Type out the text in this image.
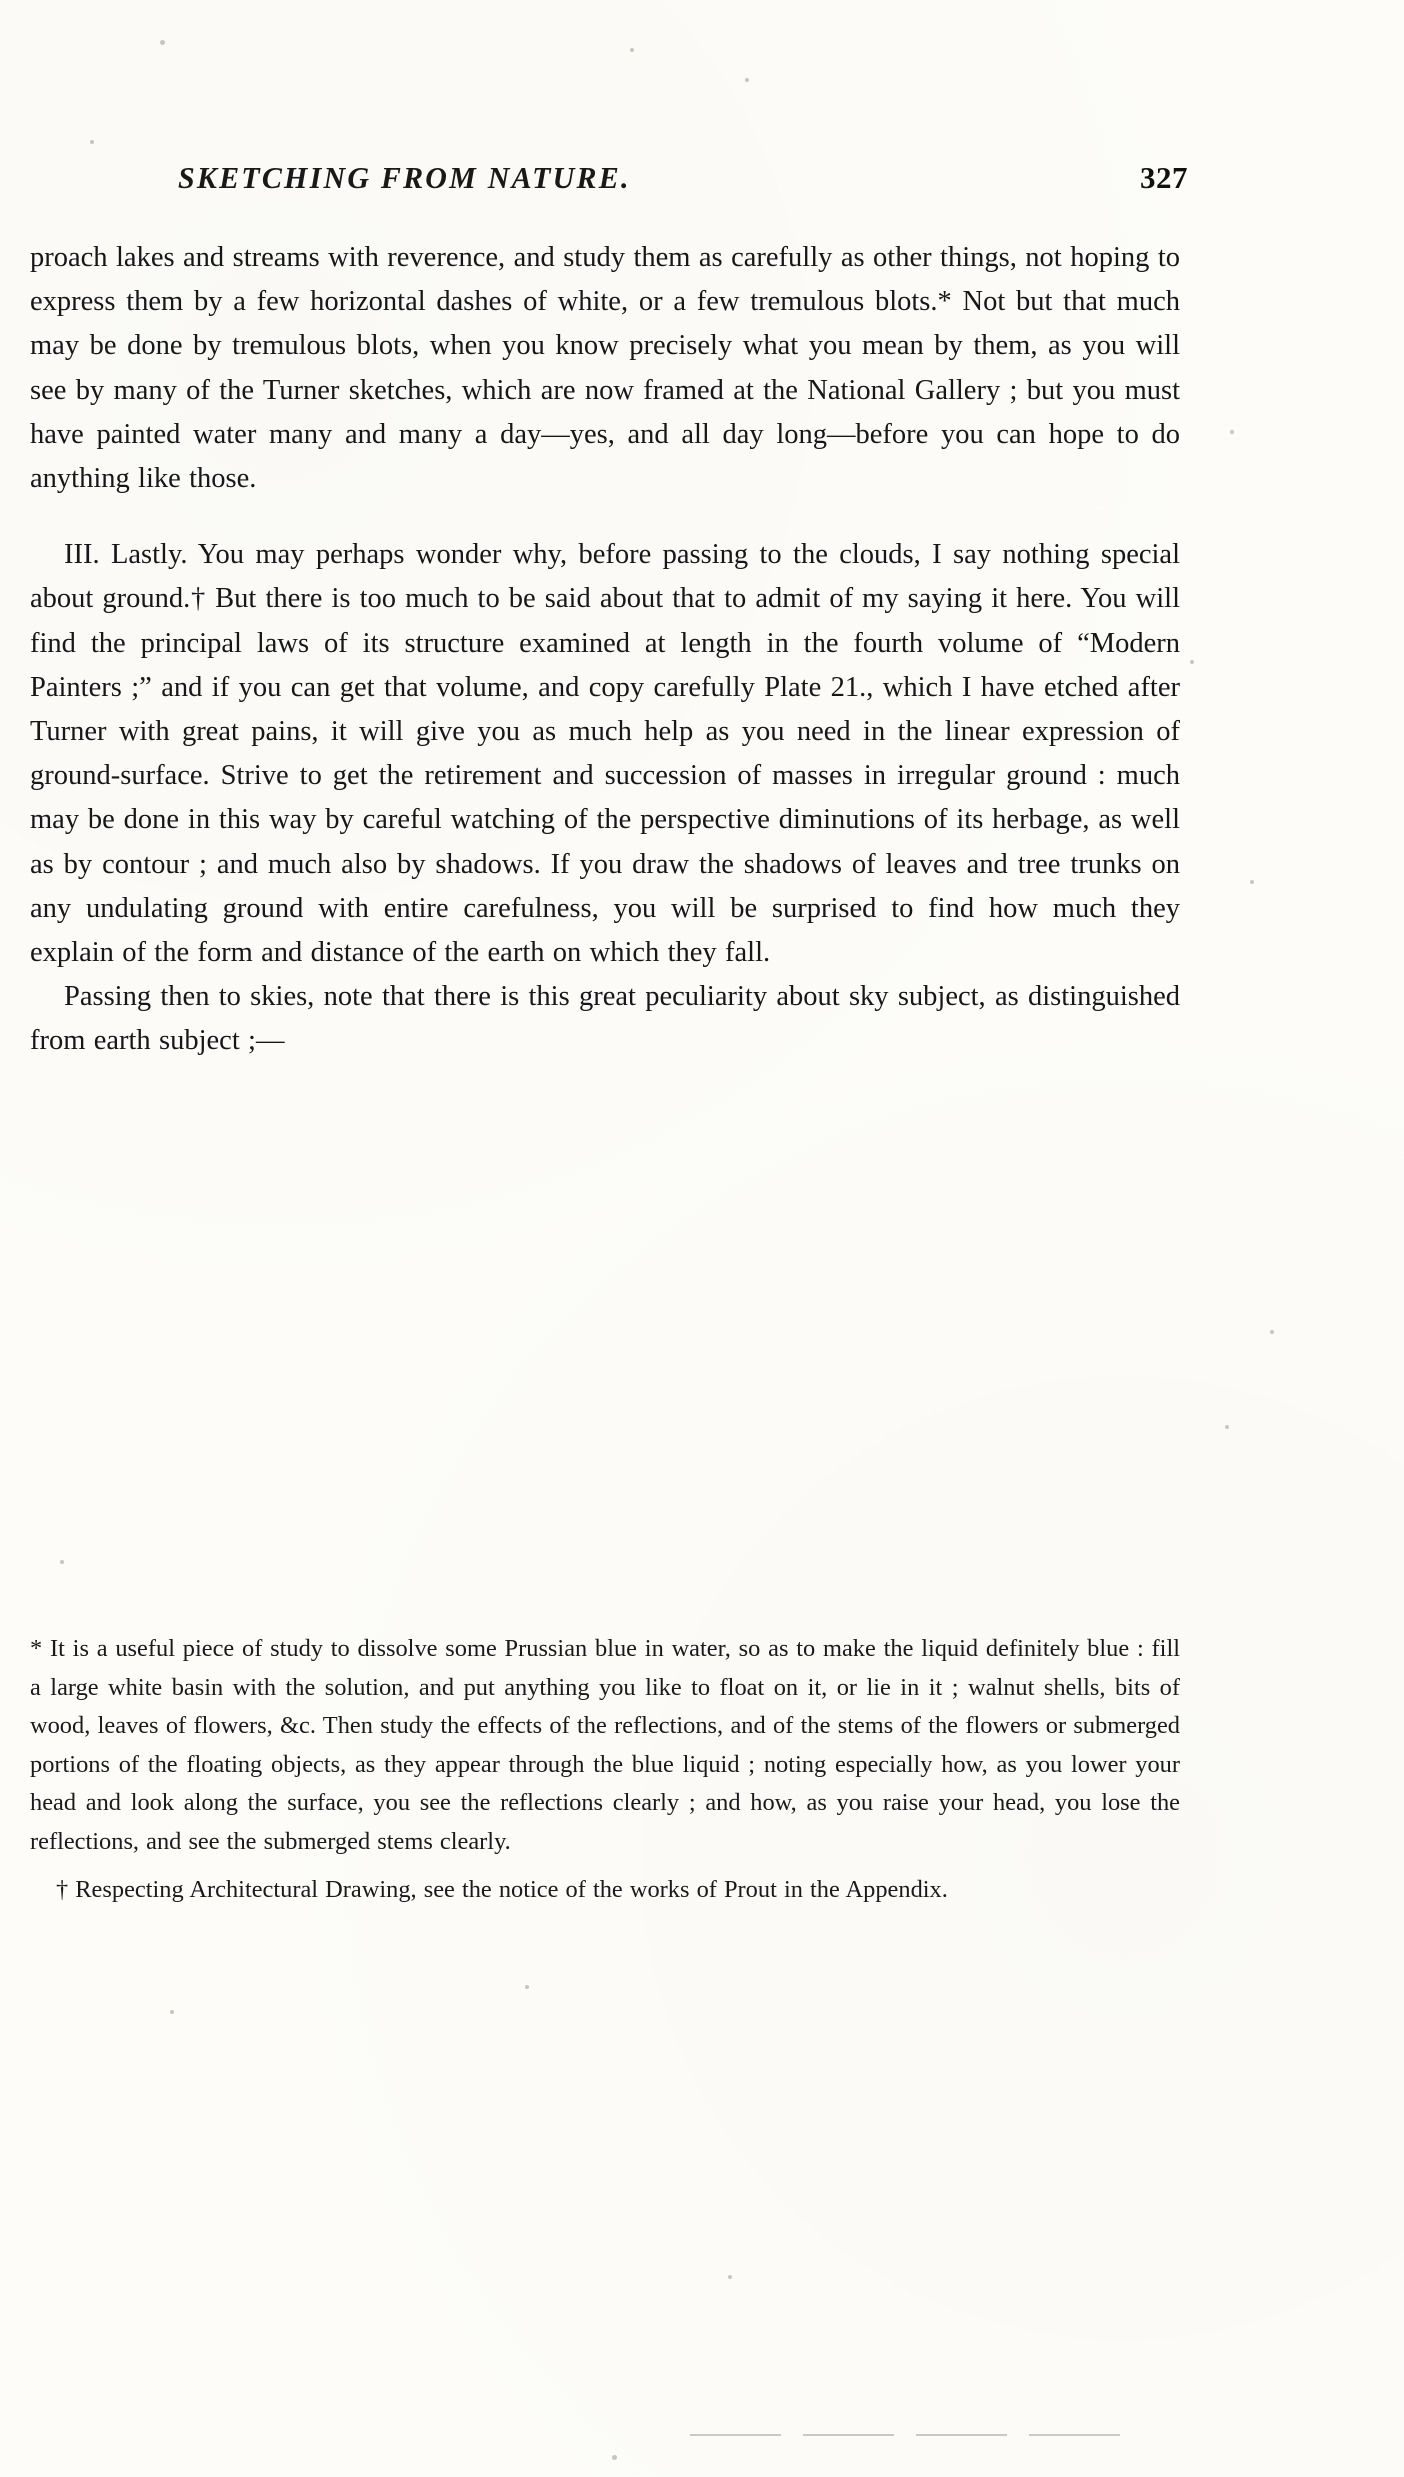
SKETCHING FROM NATURE.	327

proach lakes and streams with reverence, and study them as carefully as other things, not hoping to express them by a few horizontal dashes of white, or a few tremulous blots.* Not but that much may be done by tremulous blots, when you know precisely what you mean by them, as you will see by many of the Turner sketches, which are now framed at the National Gallery ; but you must have painted water many and many a day—yes, and all day long—before you can hope to do anything like those.

III. Lastly. You may perhaps wonder why, before passing to the clouds, I say nothing special about ground.† But there is too much to be said about that to admit of my saying it here. You will find the principal laws of its structure examined at length in the fourth volume of “Modern Painters ;” and if you can get that volume, and copy carefully Plate 21., which I have etched after Turner with great pains, it will give you as much help as you need in the linear expression of ground-surface. Strive to get the retirement and succession of masses in irregular ground : much may be done in this way by careful watching of the perspective diminutions of its herbage, as well as by contour ; and much also by shadows. If you draw the shadows of leaves and tree trunks on any undulating ground with entire carefulness, you will be surprised to find how much they explain of the form and distance of the earth on which they fall.

Passing then to skies, note that there is this great peculiarity about sky subject, as distinguished from earth subject ;—

* It is a useful piece of study to dissolve some Prussian blue in water, so as to make the liquid definitely blue : fill a large white basin with the solution, and put anything you like to float on it, or lie in it ; walnut shells, bits of wood, leaves of flowers, &c. Then study the effects of the reflections, and of the stems of the flowers or submerged portions of the floating objects, as they appear through the blue liquid ; noting especially how, as you lower your head and look along the surface, you see the reflections clearly ; and how, as you raise your head, you lose the reflections, and see the submerged stems clearly.

† Respecting Architectural Drawing, see the notice of the works of Prout in the Appendix.
